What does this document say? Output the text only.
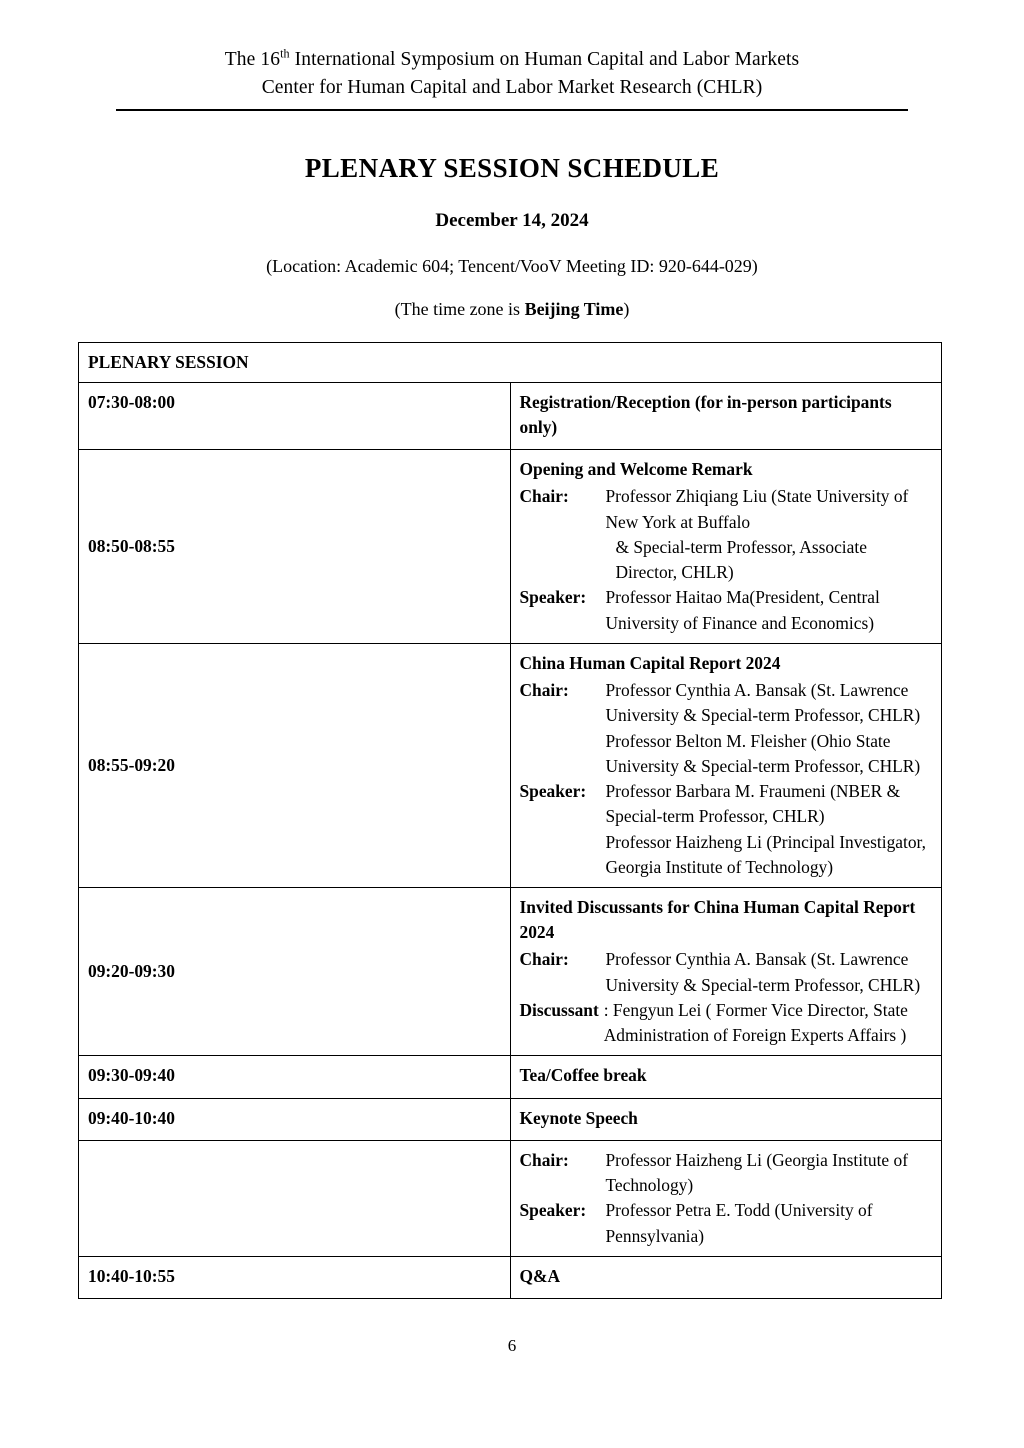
The 16th International Symposium on Human Capital and Labor Markets
Center for Human Capital and Labor Market Research (CHLR)
PLENARY SESSION SCHEDULE
December 14, 2024
(Location: Academic 604; Tencent/VooV Meeting ID: 920-644-029)
(The time zone is Beijing Time)
PLENARY SESSION	
07:30-08:00	Registration/Reception (for in-person participants only)

08:50-08:55	
Opening and Welcome Remark
Chair:	Professor Zhiqiang Liu (State University of New York at Buffalo
& Special-term Professor, Associate Director, CHLR)
Speaker:	Professor Haitao Ma(President, Central University of Finance and Economics)

08:55-09:20	
China Human Capital Report 2024
Chair:	Professor Cynthia A. Bansak (St. Lawrence University & Special-term Professor, CHLR)
Professor Belton M. Fleisher (Ohio State University & Special-term Professor, CHLR)
Speaker:	Professor Barbara M. Fraumeni (NBER & Special-term Professor, CHLR)
Professor Haizheng Li (Principal Investigator, Georgia Institute of Technology)

09:20-09:30	Invited Discussants for China Human Capital Report 2024
Chair: Professor Cynthia A. Bansak (St. Lawrence University & Special-term Professor, CHLR)
Discussant : Fengyun Lei ( Former Vice Director, State Administration of Foreign Experts Affairs )

09:30-09:40	Tea/Coffee break

09:40-10:40	Keynote Speech

	Chair: Professor Haizheng Li (Georgia Institute of Technology)
Speaker: Professor Petra E. Todd (University of Pennsylvania)

10:40-10:55	Q&A
6
